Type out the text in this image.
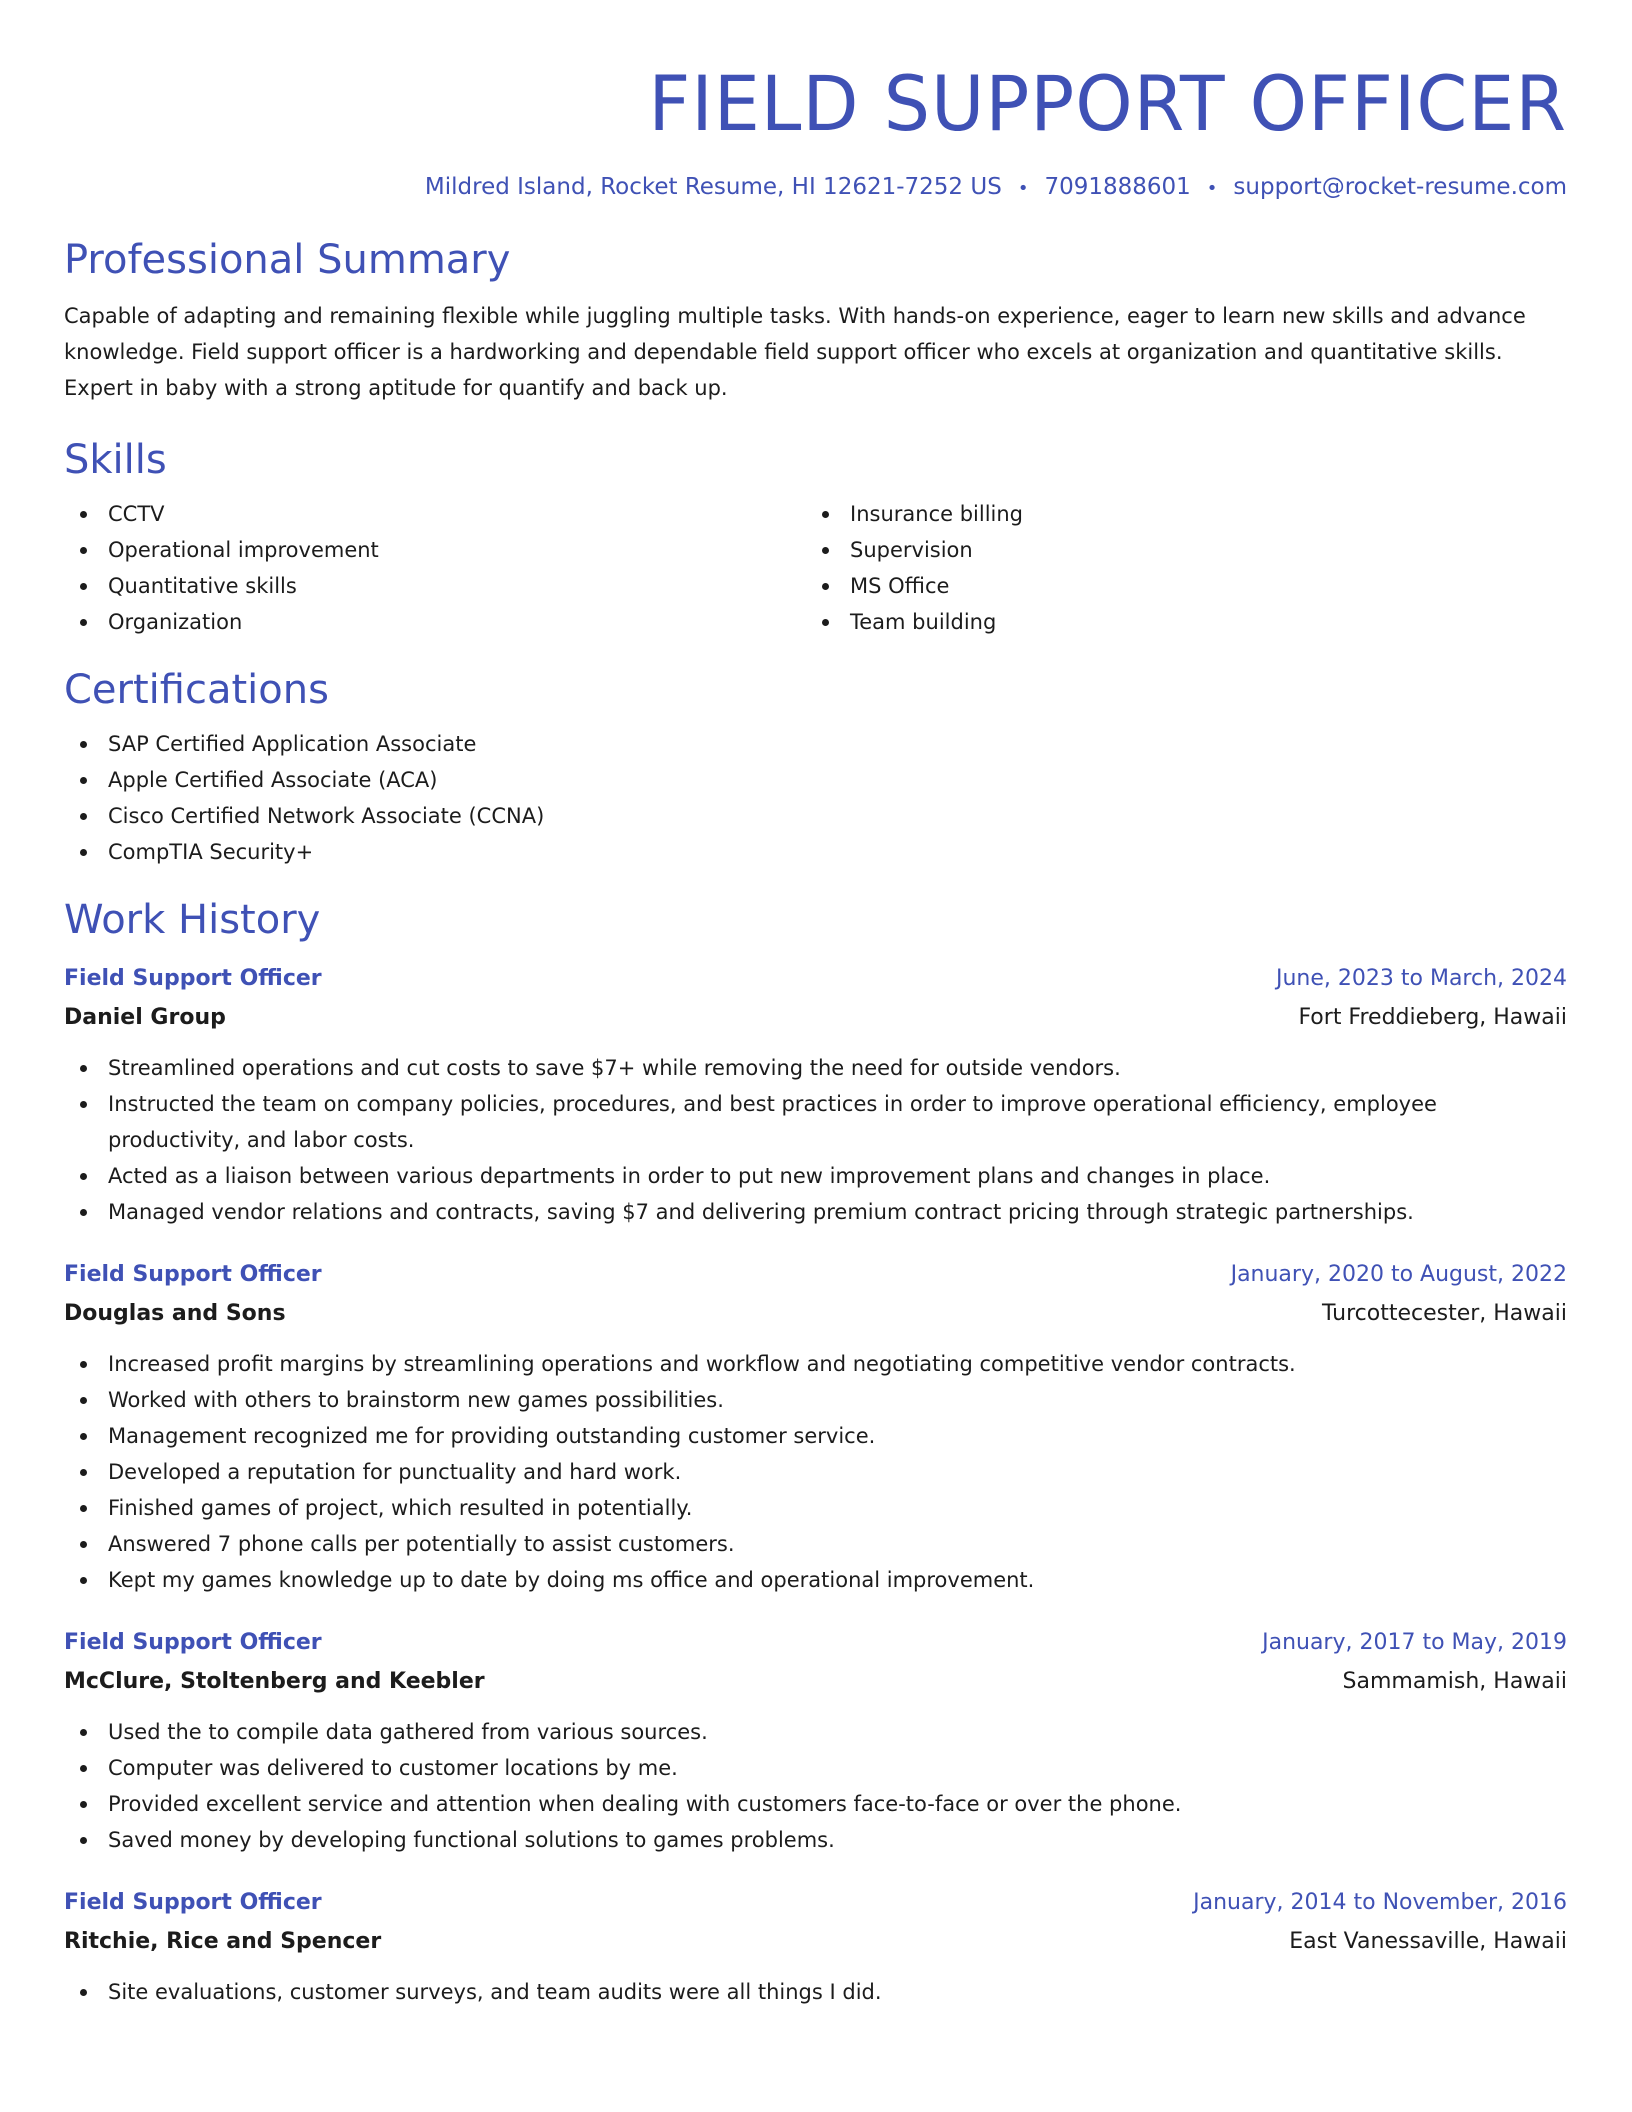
FIELD SUPPORT OFFICER
Mildred Island, Rocket Resume, HI 12621-7252 US • 7091888601 • support@rocket-resume.com
Professional Summary

Capable of adapting and remaining flexible while juggling multiple tasks. With hands-on experience, eager to learn new skills and advance knowledge. Field support officer is a hardworking and dependable field support officer who excels at organization and quantitative skills. Expert in baby with a strong aptitude for quantify and back up.

Skills
CCTV
Operational improvement
Quantitative skills
Organization
Insurance billing
Supervision
MS Office
Team building
Certifications
SAP Certified Application Associate
Apple Certified Associate (ACA)
Cisco Certified Network Associate (CCNA)
CompTIA Security+
Work History
Field Support Officer	June, 2023 to March, 2024
Daniel Group	Fort Freddieberg, Hawaii
Streamlined operations and cut costs to save $7+ while removing the need for outside vendors.
Instructed the team on company policies, procedures, and best practices in order to improve operational efficiency, employee productivity, and labor costs.
Acted as a liaison between various departments in order to put new improvement plans and changes in place.
Managed vendor relations and contracts, saving $7 and delivering premium contract pricing through strategic partnerships.
Field Support Officer	January, 2020 to August, 2022
Douglas and Sons	Turcottecester, Hawaii
Increased profit margins by streamlining operations and workflow and negotiating competitive vendor contracts.
Worked with others to brainstorm new games possibilities.
Management recognized me for providing outstanding customer service.
Developed a reputation for punctuality and hard work.
Finished games of project, which resulted in potentially.
Answered 7 phone calls per potentially to assist customers.
Kept my games knowledge up to date by doing ms office and operational improvement.
Field Support Officer	January, 2017 to May, 2019
McClure, Stoltenberg and Keebler	Sammamish, Hawaii
Used the to compile data gathered from various sources.
Computer was delivered to customer locations by me.
Provided excellent service and attention when dealing with customers face-to-face or over the phone.
Saved money by developing functional solutions to games problems.
Field Support Officer	January, 2014 to November, 2016
Ritchie, Rice and Spencer	East Vanessaville, Hawaii
Site evaluations, customer surveys, and team audits were all things I did.
